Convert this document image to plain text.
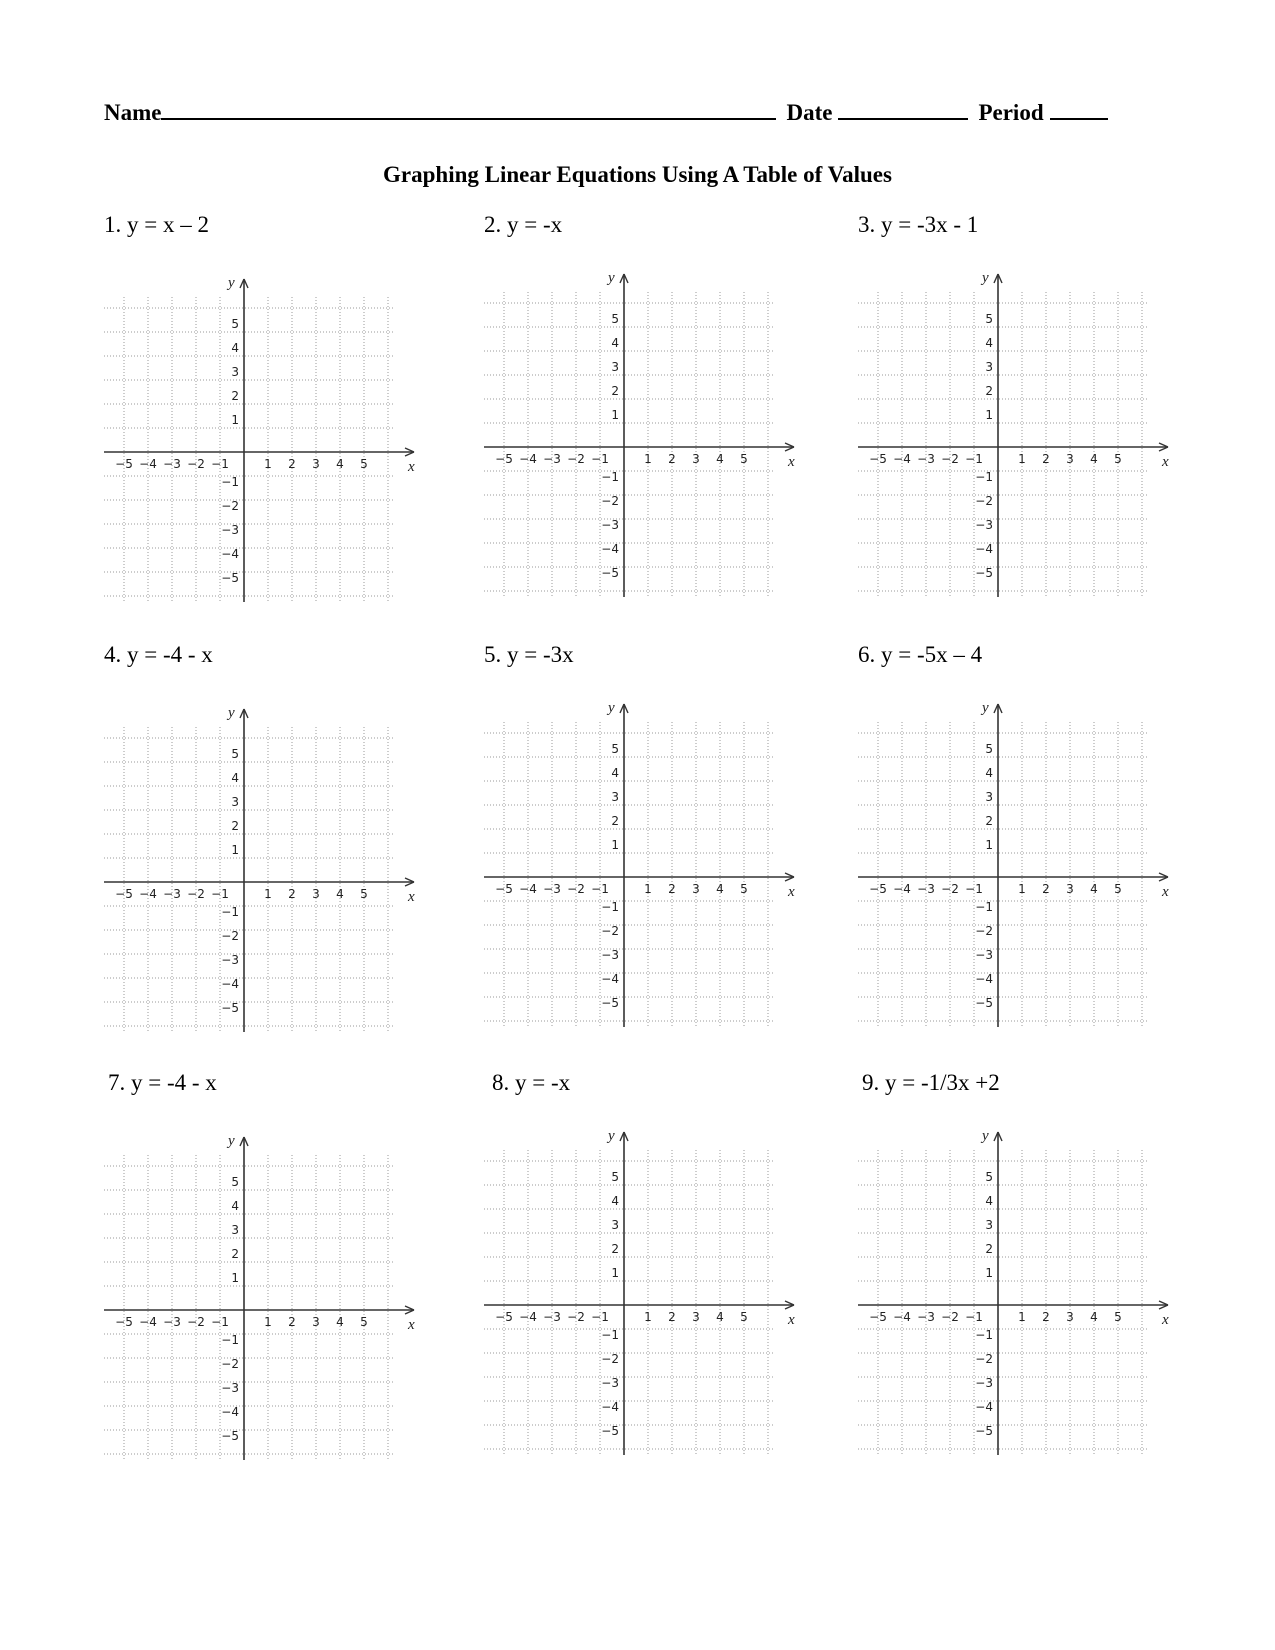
Name	Date	Period
Graphing Linear Equations Using A Table of Values
1. y = x – 2
x
y
−5 −4 −3 −2 −1	1 2 3 4 5
5
4
3
2
1
−1
−2
−3
−4
−5
2. y = -x
x
y
−5 −4 −3 −2 −1	1 2 3 4 5
5
4
3
2
1
−1
−2
−3
−4
−5
3. y = -3x - 1
x
y
−5 −4 −3 −2 −1	1 2 3 4 5
5
4
3
2
1
−1
−2
−3
−4
−5
4. y = -4 - x
x
y
−5 −4 −3 −2 −1	1 2 3 4 5
5
4
3
2
1
−1
−2
−3
−4
−5
5. y = -3x
x
y
−5 −4 −3 −2 −1	1 2 3 4 5
5
4
3
2
1
−1
−2
−3
−4
−5
6. y = -5x – 4
x
y
−5 −4 −3 −2 −1	1 2 3 4 5
5
4
3
2
1
−1
−2
−3
−4
−5
7. y = -4 - x
x
y
−5 −4 −3 −2 −1	1 2 3 4 5
5
4
3
2
1
−1
−2
−3
−4
−5
8. y = -x
x
y
−5 −4 −3 −2 −1	1 2 3 4 5
5
4
3
2
1
−1
−2
−3
−4
−5
9. y = -1/3x +2
x
y
−5 −4 −3 −2 −1	1 2 3 4 5
5
4
3
2
1
−1
−2
−3
−4
−5
